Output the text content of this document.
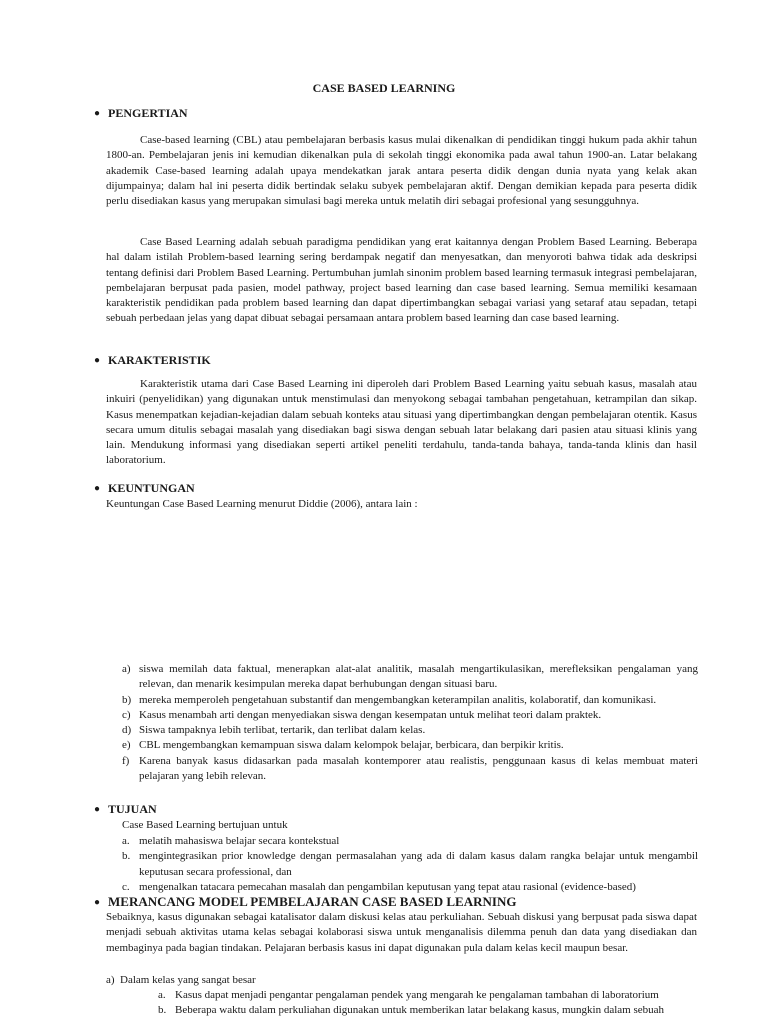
CASE BASED LEARNING
● PENGERTIAN

Case-based learning (CBL) atau pembelajaran berbasis kasus mulai dikenalkan di pendidikan tinggi hukum pada akhir tahun 1800-an. Pembelajaran jenis ini kemudian dikenalkan pula di sekolah tinggi ekonomika pada awal tahun 1900-an. Latar belakang akademik Case-based learning adalah upaya mendekatkan jarak antara peserta didik dengan dunia nyata yang kelak akan dijumpainya; dalam hal ini peserta didik bertindak selaku subyek pembelajaran aktif. Dengan demikian kepada para peserta didik perlu disediakan kasus yang merupakan simulasi bagi mereka untuk melatih diri sebagai profesional yang sesungguhnya.

Case Based Learning adalah sebuah paradigma pendidikan yang erat kaitannya dengan Problem Based Learning. Beberapa hal dalam istilah Problem-based learning sering berdampak negatif dan menyesatkan, dan menyoroti bahwa tidak ada deskripsi tentang definisi dari Problem Based Learning. Pertumbuhan jumlah sinonim problem based learning termasuk integrasi pembelajaran, pembelajaran berpusat pada pasien, model pathway, project based learning dan case based learning. Semua memiliki kesamaan karakteristik pendidikan pada problem based learning dan dapat dipertimbangkan sebagai variasi yang setaraf atau sepadan, tetapi sebuah perbedaan jelas yang dapat dibuat sebagai persamaan antara problem based learning dan case based learning.

● KARAKTERISTIK

Karakteristik utama dari Case Based Learning ini diperoleh dari Problem Based Learning yaitu sebuah kasus, masalah atau inkuiri (penyelidikan) yang digunakan untuk menstimulasi dan menyokong sebagai tambahan pengetahuan, ketrampilan dan sikap. Kasus menempatkan kejadian-kejadian dalam sebuah konteks atau situasi yang dipertimbangkan dengan pembelajaran otentik. Kasus secara umum ditulis sebagai masalah yang disediakan bagi siswa dengan sebuah latar belakang dari pasien atau situasi klinis yang lain. Mendukung informasi yang disediakan seperti artikel peneliti terdahulu, tanda-tanda bahaya, tanda-tanda klinis dan hasil laboratorium.

● KEUNTUNGAN

Keuntungan Case Based Learning menurut Diddie (2006), antara lain :

a) siswa memilah data faktual, menerapkan alat-alat analitik, masalah mengartikulasikan, merefleksikan pengalaman yang relevan, dan menarik kesimpulan mereka dapat berhubungan dengan situasi baru.
b) mereka memperoleh pengetahuan substantif dan mengembangkan keterampilan analitis, kolaboratif, dan komunikasi.
c) Kasus menambah arti dengan menyediakan siswa dengan kesempatan untuk melihat teori dalam praktek.
d) Siswa tampaknya lebih terlibat, tertarik, dan terlibat dalam kelas.
e) CBL mengembangkan kemampuan siswa dalam kelompok belajar, berbicara, dan berpikir kritis.
f) Karena banyak kasus didasarkan pada masalah kontemporer atau realistis, penggunaan kasus di kelas membuat materi pelajaran yang lebih relevan.
● TUJUAN

Case Based Learning bertujuan untuk

a. melatih mahasiswa belajar secara kontekstual
b. mengintegrasikan prior knowledge dengan permasalahan yang ada di dalam kasus dalam rangka belajar untuk mengambil keputusan secara professional, dan
c. mengenalkan tatacara pemecahan masalah dan pengambilan keputusan yang tepat atau rasional (evidence-based)
● MERANCANG MODEL PEMBELAJARAN CASE BASED LEARNING

Sebaiknya, kasus digunakan sebagai katalisator dalam diskusi kelas atau perkuliahan. Sebuah diskusi yang berpusat pada siswa dapat menjadi sebuah aktivitas utama kelas sebagai kolaborasi siswa untuk menganalisis dilemma penuh dan data yang disediakan dan membaginya pada bagian tindakan. Pelajaran berbasis kasus ini dapat digunakan pula dalam kelas kecil maupun besar.

a) Dalam kelas yang sangat besar
a. Kasus dapat menjadi pengantar pengalaman pendek yang mengarah ke pengalaman tambahan di laboratorium
b. Beberapa waktu dalam perkuliahan digunakan untuk memberikan latar belakang kasus, mungkin dalam sebuah
